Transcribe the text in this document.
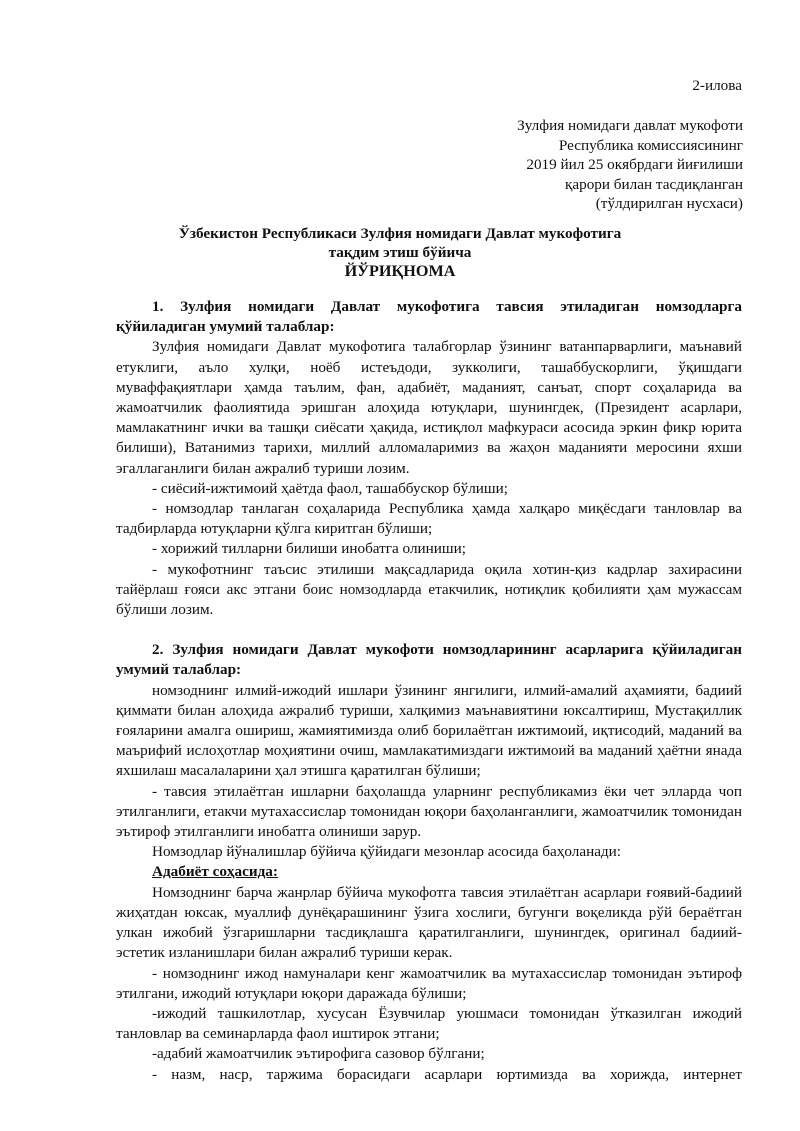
2-илова
Зулфия номидаги давлат мукофоти
Республика комиссиясининг
2019 йил 25 окябрдаги йиғилиши
қарори билан тасдиқланган
(тўлдирилган нусхаси)
Ўзбекистон Республикаси Зулфия номидаги Давлат мукофотига
тақдим этиш бўйича
ЙЎРИҚНОМА

1. Зулфия номидаги Давлат мукофотига тавсия этиладиган номзодларга қўйиладиган умумий талаблар:

Зулфия номидаги Давлат мукофотига талабгорлар ўзининг ватанпарварлиги, маънавий етуклиги, аъло хулқи, ноёб истеъдоди, зукколиги, ташаббускорлиги, ўқишдаги муваффақиятлари ҳамда таълим, фан, адабиёт, маданият, санъат, спорт соҳаларида ва жамоатчилик фаолиятида эришган алоҳида ютуқлари, шунингдек, (Президент асарлари, мамлакатнинг ички ва ташқи сиёсати ҳақида, истиқлол мафкураси асосида эркин фикр юрита билиши), Ватанимиз тарихи, миллий алломаларимиз ва жаҳон маданияти меросини яхши эгаллаганлиги билан ажралиб туриши лозим.

- сиёсий-ижтимоий ҳаётда фаол, ташаббускор бўлиши;

- номзодлар танлаган соҳаларида Республика ҳамда халқаро миқёсдаги танловлар ва тадбирларда ютуқларни қўлга киритган бўлиши;

- хорижий тилларни билиши инобатга олиниши;

- мукофотнинг таъсис этилиши мақсадларида оқила хотин-қиз кадрлар захирасини тайёрлаш ғояси акс этгани боис номзодларда етакчилик, нотиқлик қобилияти ҳам мужассам бўлиши лозим.

2. Зулфия номидаги Давлат мукофоти номзодларининг асарларига қўйиладиган умумий талаблар:

номзоднинг илмий-ижодий ишлари ўзининг янгилиги, илмий-амалий аҳамияти, бадиий қиммати билан алоҳида ажралиб туриши, халқимиз маънавиятини юксалтириш, Мустақиллик ғояларини амалга ошириш, жамиятимизда олиб борилаётган ижтимоий, иқтисодий, маданий ва маърифий ислоҳотлар моҳиятини очиш, мамлакатимиздаги ижтимоий ва маданий ҳаётни янада яхшилаш масалаларини ҳал этишга қаратилган бўлиши;

- тавсия этилаётган ишларни баҳолашда уларнинг республикамиз ёки чет элларда чоп этилганлиги, етакчи мутахассислар томонидан юқори баҳоланганлиги, жамоатчилик томонидан эътироф этилганлиги инобатга олиниши зарур.

Номзодлар йўналишлар бўйича қўйидаги мезонлар асосида баҳоланади:

Адабиёт соҳасида:

Номзоднинг барча жанрлар бўйича мукофотга тавсия этилаётган асарлари ғоявий-бадиий жиҳатдан юксак, муаллиф дунёқарашининг ўзига хослиги, бугунги воқеликда рўй бераётган улкан ижобий ўзгаришларни тасдиқлашга қаратилганлиги, шунингдек, оригинал бадиий-эстетик изланишлари билан ажралиб туриши керак.

- номзоднинг ижод намуналари кенг жамоатчилик ва мутахассислар томонидан эътироф этилгани, ижодий ютуқлари юқори даражада бўлиши;

-ижодий ташкилотлар, хусусан Ёзувчилар уюшмаси томонидан ўтказилган ижодий танловлар ва семинарларда фаол иштирок этгани;

-адабий жамоатчилик эътирофига сазовор бўлгани;

- назм, наср, таржима борасидаги асарлари юртимизда ва хорижда, интернет
